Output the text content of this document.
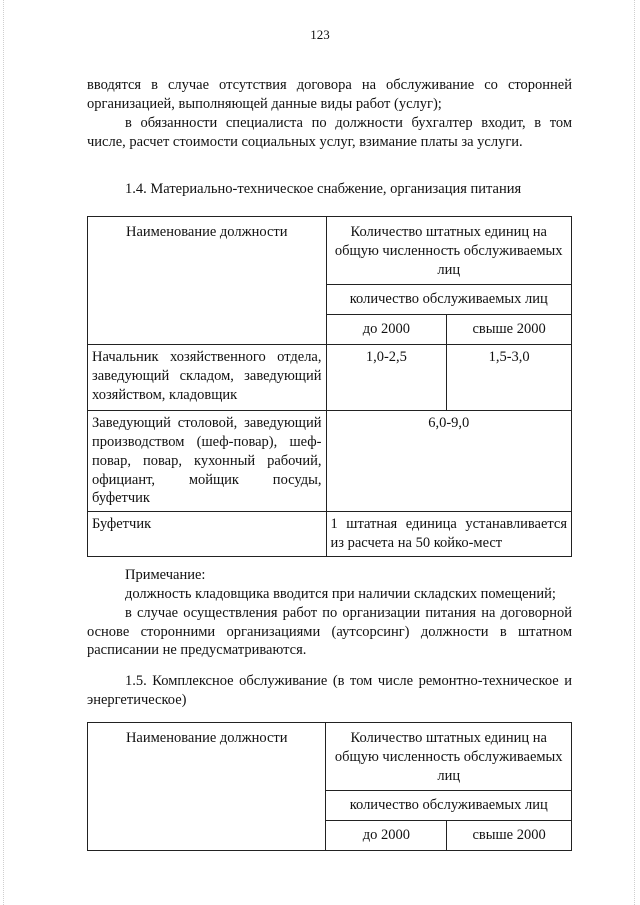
123

вводятся в случае отсутствия договора на обслуживание со сторонней организацией, выполняющей данные виды работ (услуг);

в обязанности специалиста по должности бухгалтер входит, в том числе, расчет стоимости социальных услуг, взимание платы за услуги.

1.4. Материально-техническое снабжение, организация питания
Наименование должности	Количество штатных единиц на общую численность обслуживаемых лиц	
	количество обслуживаемых лиц	
	до 2000	свыше 2000
Начальник хозяйственного отдела, заведующий складом, заведующий хозяйством, кладовщик	1,0-2,5	1,5-3,0
Заведующий столовой, заведующий производством (шеф-повар), шеф-повар, повар, кухонный рабочий, официант, мойщик посуды, буфетчик	6,0-9,0	
Буфетчик	1 штатная единица устанавливается из расчета на 50 койко-мест	

Примечание:

должность кладовщика вводится при наличии складских помещений;

в случае осуществления работ по организации питания на договорной основе сторонними организациями (аутсорсинг) должности в штатном расписании не предусматриваются.

1.5. Комплексное обслуживание (в том числе ремонтно-техническое и энергетическое)
Наименование должности	Количество штатных единиц на общую численность обслуживаемых лиц	
	количество обслуживаемых лиц	
	до 2000	свыше 2000
